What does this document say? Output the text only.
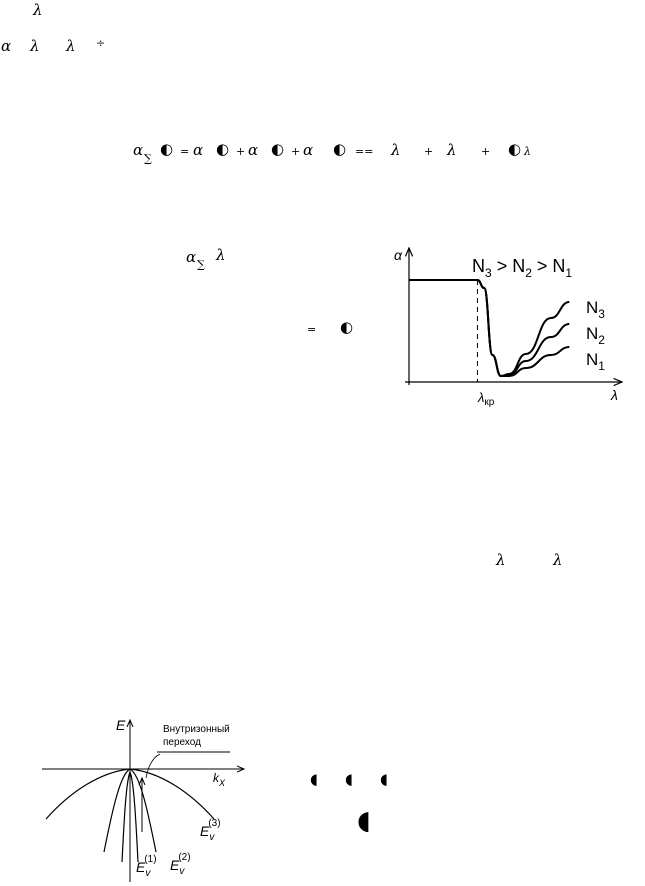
λ
α λ λ ÷
α ∑
◐ = α ◐ + α ◐ + α ◐ == λ + λ + ◐ λ
α ∑
λ
= ◐
α
λ
$N_3 > N_2 > N_1$
$\lambda_{кр}$
$N_3$
$N_2$
$N_1$
λ	λ
E	Внутризонный
переход
$k_X$
$E_v(3)$
$E_v(1)$ $E_v(2)$
◖ ◖ ◖
◖
